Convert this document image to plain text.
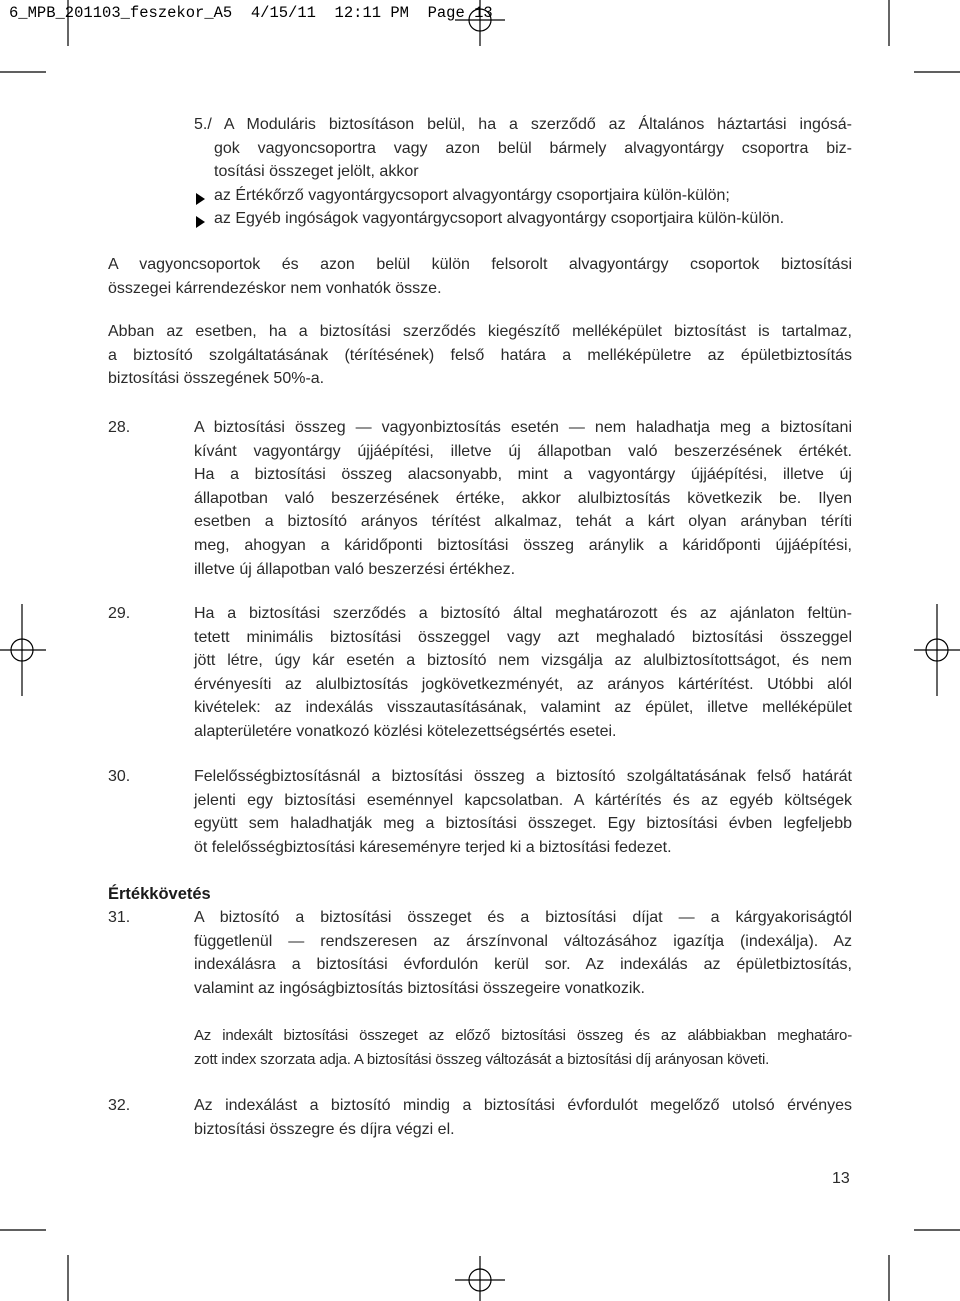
6_MPB_201103_feszekor_A5  4/15/11  12:11 PM  Page 13
5./ A Moduláris biztosításon belül, ha a szerződő az Általános háztartási ingósá-
gok vagyoncsoportra vagy azon belül bármely alvagyontárgy csoportra biz-
tosítási összeget jelölt, akkor
az Értékőrző vagyontárgycsoport alvagyontárgy csoportjaira külön-külön;
az Egyéb ingóságok vagyontárgycsoport alvagyontárgy csoportjaira külön-külön.
A vagyoncsoportok és azon belül külön felsorolt alvagyontárgy csoportok biztosítási
összegei kárrendezéskor nem vonhatók össze.
Abban az esetben, ha a biztosítási szerződés kiegészítő melléképület biztosítást is tartalmaz,
a biztosító szolgáltatásának (térítésének) felső határa a melléképületre az épületbiztosítás
biztosítási összegének 50%-a.
28.	A biztosítási összeg — vagyonbiztosítás esetén — nem haladhatja meg a biztosítani
kívánt vagyontárgy újjáépítési, illetve új állapotban való beszerzésének értékét.
Ha a biztosítási összeg alacsonyabb, mint a vagyontárgy újjáépítési, illetve új
állapotban való beszerzésének értéke, akkor alulbiztosítás következik be. Ilyen
esetben a biztosító arányos térítést alkalmaz, tehát a kárt olyan arányban téríti
meg, ahogyan a káridőponti biztosítási összeg aránylik a káridőponti újjáépítési,
illetve új állapotban való beszerzési értékhez.
29.	Ha a biztosítási szerződés a biztosító által meghatározott és az ajánlaton feltün-
tetett minimális biztosítási összeggel vagy azt meghaladó biztosítási összeggel
jött létre, úgy kár esetén a biztosító nem vizsgálja az alulbiztosítottságot, és nem
érvényesíti az alulbiztosítás jogkövetkezményét, az arányos kártérítést. Utóbbi alól
kivételek: az indexálás visszautasításának, valamint az épület, illetve melléképület
alapterületére vonatkozó közlési kötelezettségsértés esetei.
30.	Felelősségbiztosításnál a biztosítási összeg a biztosító szolgáltatásának felső határát
jelenti egy biztosítási eseménnyel kapcsolatban. A kártérítés és az egyéb költségek
együtt sem haladhatják meg a biztosítási összeget. Egy biztosítási évben legfeljebb
öt felelősségbiztosítási káreseményre terjed ki a biztosítási fedezet.
Értékkövetés
31.	A biztosító a biztosítási összeget és a biztosítási díjat — a kárgyakoriságtól
függetlenül — rendszeresen az árszínvonal változásához igazítja (indexálja). Az
indexálásra a biztosítási évfordulón kerül sor. Az indexálás az épületbiztosítás,
valamint az ingóságbiztosítás biztosítási összegeire vonatkozik.
Az indexált biztosítási összeget az előző biztosítási összeg és az alábbiakban meghatáro-
zott index szorzata adja. A biztosítási összeg változását a biztosítási díj arányosan követi.
32.	Az indexálást a biztosító mindig a biztosítási évfordulót megelőző utolsó érvényes
biztosítási összegre és díjra végzi el.
13
